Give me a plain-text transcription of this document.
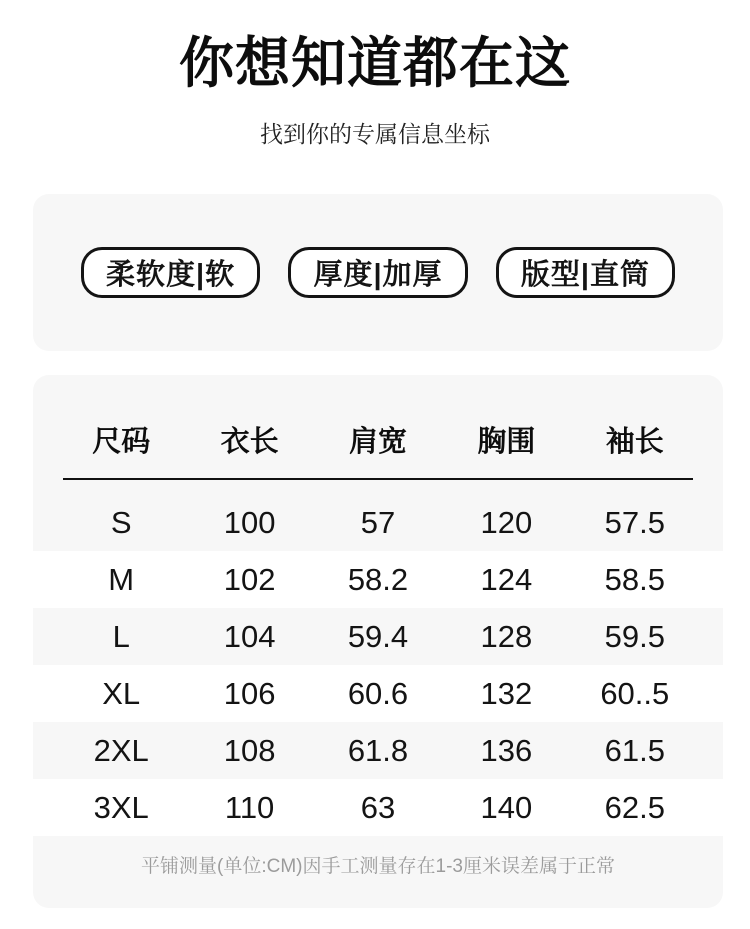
你想知道都在这

找到你的专属信息坐标

柔软度|软	厚度|加厚	版型|直筒
尺码	衣长	肩宽	胸围	袖长
S	100	57	120	57.5
M	102	58.2	124	58.5
L	104	59.4	128	59.5
XL	106	60.6	132	60..5
2XL	108	61.8	136	61.5
3XL	110	63	140	62.5

平铺测量(单位:CM)因手工测量存在1-3厘米误差属于正常
